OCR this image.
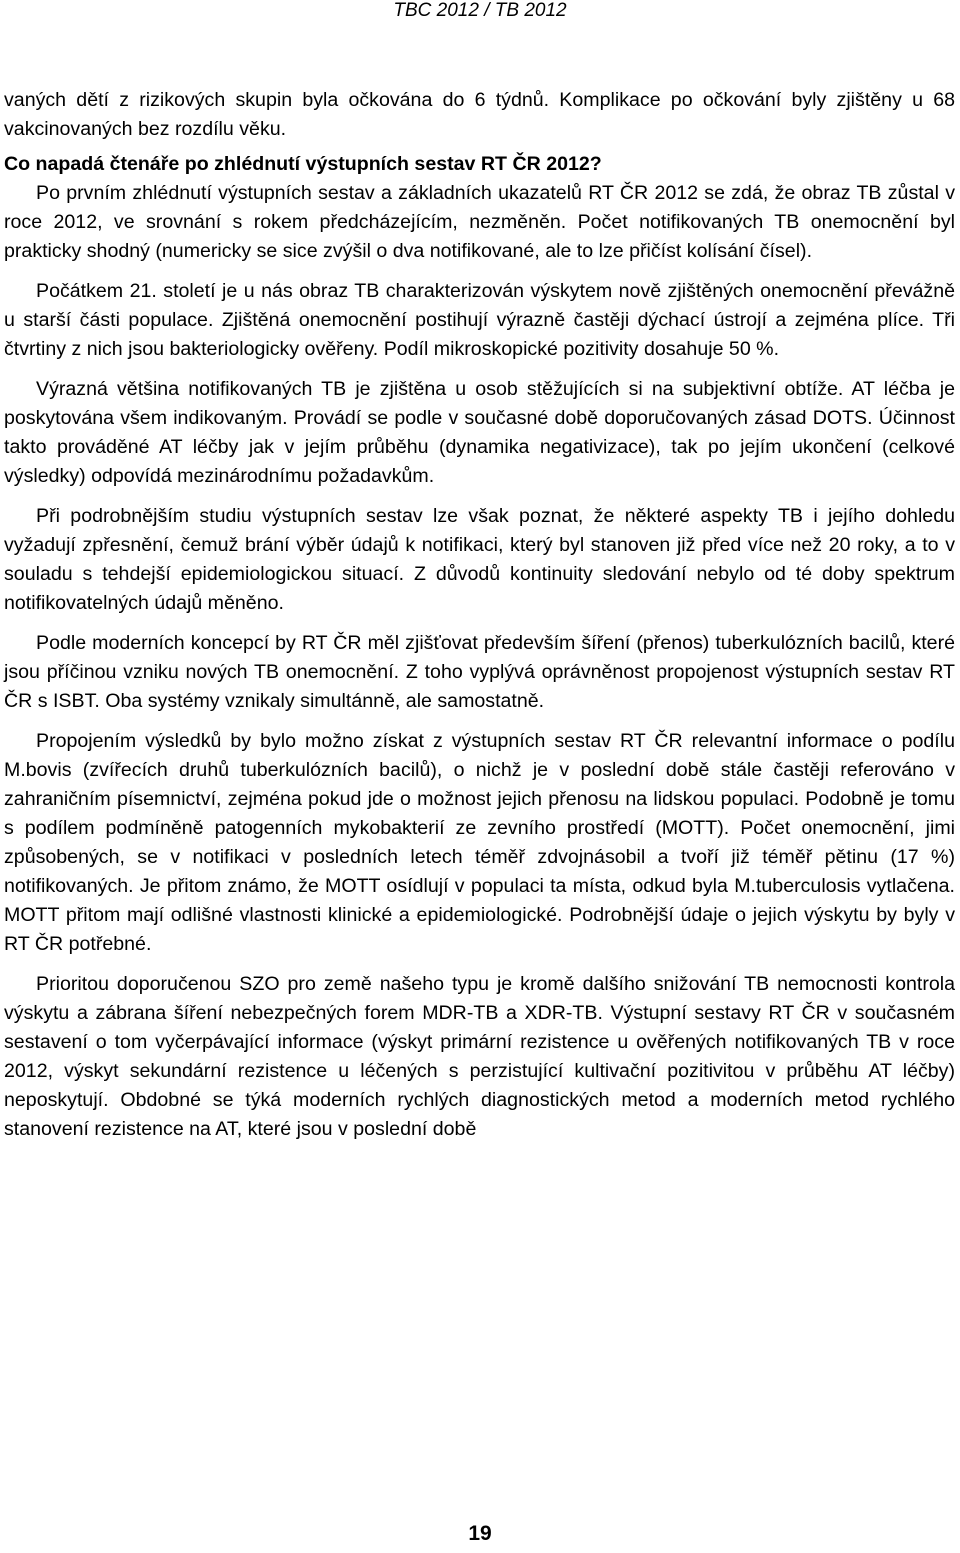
TBC 2012 / TB 2012

vaných dětí z rizikových skupin byla očkována do 6 týdnů. Komplikace po očkování byly zjištěny u 68 vakcinovaných bez rozdílu věku.

Co napadá čtenáře po zhlédnutí výstupních sestav RT ČR 2012?

Po prvním zhlédnutí výstupních sestav a základních ukazatelů RT ČR 2012 se zdá, že obraz TB zůstal v roce 2012, ve srovnání s rokem předcházejícím, nezměněn. Počet notifikovaných TB onemocnění byl prakticky shodný (numericky se sice zvýšil o dva notifikované, ale to lze přičíst kolísání čísel).

Počátkem 21. století je u nás obraz TB charakterizován výskytem nově zjištěných onemocnění převážně u starší části populace. Zjištěná onemocnění postihují výrazně častěji dýchací ústrojí a zejména plíce. Tři čtvrtiny z nich jsou bakteriologicky ověřeny. Podíl mikroskopické pozitivity dosahuje 50 %.

Výrazná většina notifikovaných TB je zjištěna u osob stěžujících si na subjektivní obtíže. AT léčba je poskytována všem indikovaným. Provádí se podle v současné době doporučovaných zásad DOTS. Účinnost takto prováděné AT léčby jak v jejím průběhu (dynamika negativizace), tak po jejím ukončení (celkové výsledky) odpovídá mezinárodnímu požadavkům.

Při podrobnějším studiu výstupních sestav lze však poznat, že některé aspekty TB i jejího dohledu vyžadují zpřesnění, čemuž brání výběr údajů k notifikaci, který byl stanoven již před více než 20 roky, a to v souladu s tehdejší epidemiologickou situací. Z důvodů kontinuity sledování nebylo od té doby spektrum notifikovatelných údajů měněno.

Podle moderních koncepcí by RT ČR měl zjišťovat především šíření (přenos) tuberkulózních bacilů, které jsou příčinou vzniku nových TB onemocnění. Z toho vyplývá oprávněnost propojenost výstupních sestav RT ČR s ISBT. Oba systémy vznikaly simultánně, ale samostatně.

Propojením výsledků by bylo možno získat z výstupních sestav RT ČR relevantní informace o podílu M.bovis (zvířecích druhů tuberkulózních bacilů), o nichž je v poslední době stále častěji referováno v zahraničním písemnictví, zejména pokud jde o možnost jejich přenosu na lidskou populaci. Podobně je tomu s podílem podmíněně patogenních mykobakterií ze zevního prostředí (MOTT). Počet onemocnění, jimi způsobených, se v notifikaci v posledních letech téměř zdvojnásobil a tvoří již téměř pětinu (17 %) notifikovaných. Je přitom známo, že MOTT osídlují v populaci ta místa, odkud byla M.tuberculosis vytlačena. MOTT přitom mají odlišné vlastnosti klinické a epidemiologické. Podrobnější údaje o jejich výskytu by byly v RT ČR potřebné.

Prioritou doporučenou SZO pro země našeho typu je kromě dalšího snižování TB nemocnosti kontrola výskytu a zábrana šíření nebezpečných forem MDR-TB a XDR-TB. Výstupní sestavy RT ČR v současném sestavení o tom vyčerpávající informace (výskyt primární rezistence u ověřených notifikovaných TB v roce 2012, výskyt sekundární rezistence u léčených s perzistující kultivační pozitivitou v průběhu AT léčby) neposkytují. Obdobné se týká moderních rychlých diagnostických metod a moderních metod rychlého stanovení rezistence na AT, které jsou v poslední době

19
